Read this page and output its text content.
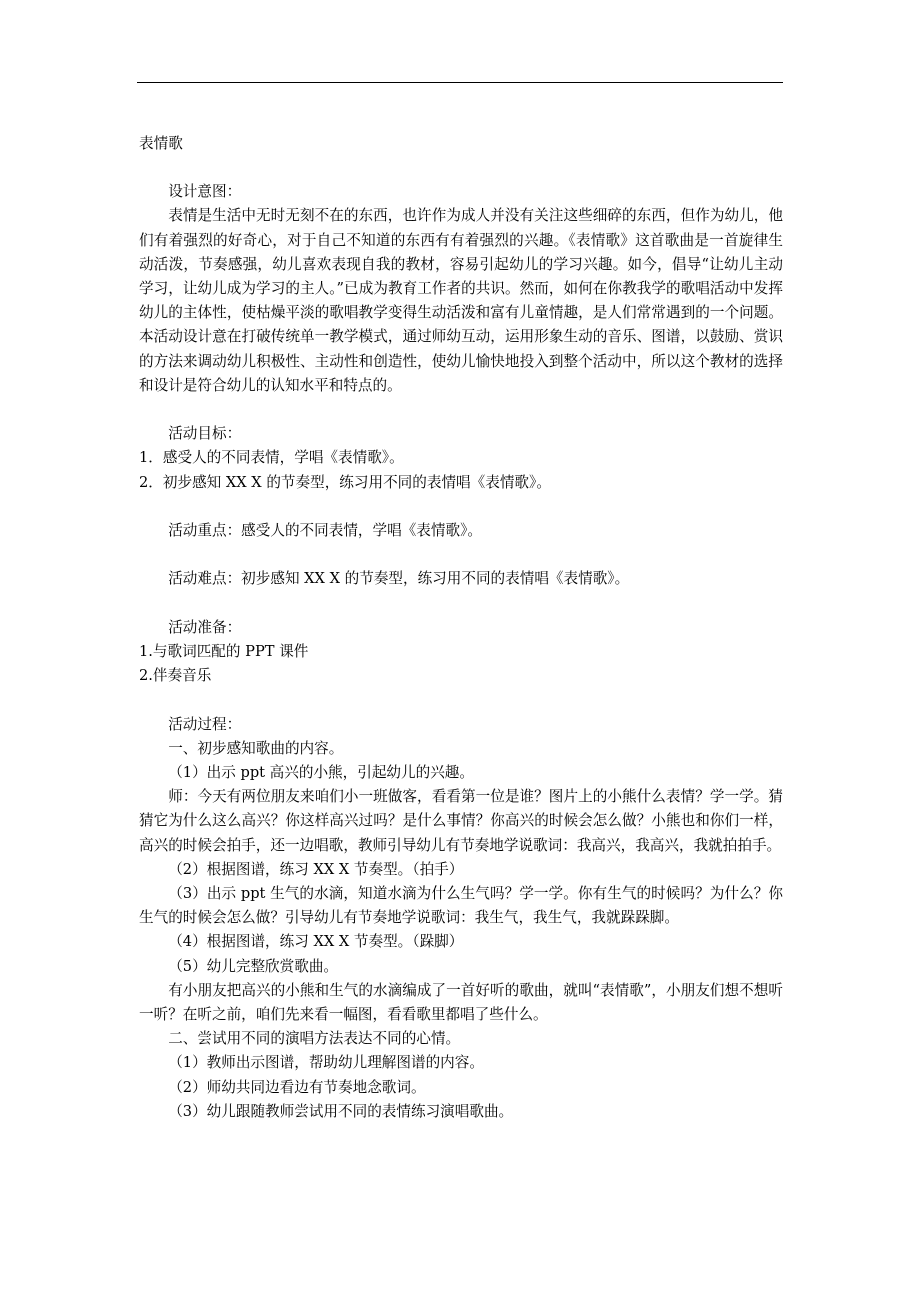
表情歌

设计意图：

表情是生活中无时无刻不在的东西，也许作为成人并没有关注这些细碎的东西，但作为幼儿，他们有着强烈的好奇心，对于自己不知道的东西有有着强烈的兴趣。《表情歌》这首歌曲是一首旋律生动活泼，节奏感强，幼儿喜欢表现自我的教材，容易引起幼儿的学习兴趣。如今，倡导“让幼儿主动学习，让幼儿成为学习的主人。”已成为教育工作者的共识。然而，如何在你教我学的歌唱活动中发挥幼儿的主体性，使枯燥平淡的歌唱教学变得生动活泼和富有儿童情趣，是人们常常遇到的一个问题。本活动设计意在打破传统单一教学模式，通过师幼互动，运用形象生动的音乐、图谱，以鼓励、赏识的方法来调动幼儿积极性、主动性和创造性，使幼儿愉快地投入到整个活动中，所以这个教材的选择和设计是符合幼儿的认知水平和特点的。

活动目标：

1．感受人的不同表情，学唱《表情歌》。

2．初步感知 XX X 的节奏型，练习用不同的表情唱《表情歌》。

活动重点：感受人的不同表情，学唱《表情歌》。

活动难点：初步感知 XX X 的节奏型，练习用不同的表情唱《表情歌》。

活动准备：

1.与歌词匹配的 PPT 课件

2.伴奏音乐

活动过程：

一、初步感知歌曲的内容。

（1）出示 ppt 高兴的小熊，引起幼儿的兴趣。

师：今天有两位朋友来咱们小一班做客，看看第一位是谁？图片上的小熊什么表情？学一学。猜猜它为什么这么高兴？你这样高兴过吗？是什么事情？你高兴的时候会怎么做？小熊也和你们一样，高兴的时候会拍手，还一边唱歌，教师引导幼儿有节奏地学说歌词：我高兴，我高兴，我就拍拍手。

（2）根据图谱，练习 XX X 节奏型。（拍手）

（3）出示 ppt 生气的水滴，知道水滴为什么生气吗？学一学。你有生气的时候吗？为什么？你生气的时候会怎么做？引导幼儿有节奏地学说歌词：我生气，我生气，我就跺跺脚。

（4）根据图谱，练习 XX X 节奏型。（跺脚）

（5）幼儿完整欣赏歌曲。

有小朋友把高兴的小熊和生气的水滴编成了一首好听的歌曲，就叫“表情歌”，小朋友们想不想听一听？在听之前，咱们先来看一幅图，看看歌里都唱了些什么。

二、尝试用不同的演唱方法表达不同的心情。

（1）教师出示图谱，帮助幼儿理解图谱的内容。

（2）师幼共同边看边有节奏地念歌词。

（3）幼儿跟随教师尝试用不同的表情练习演唱歌曲。
